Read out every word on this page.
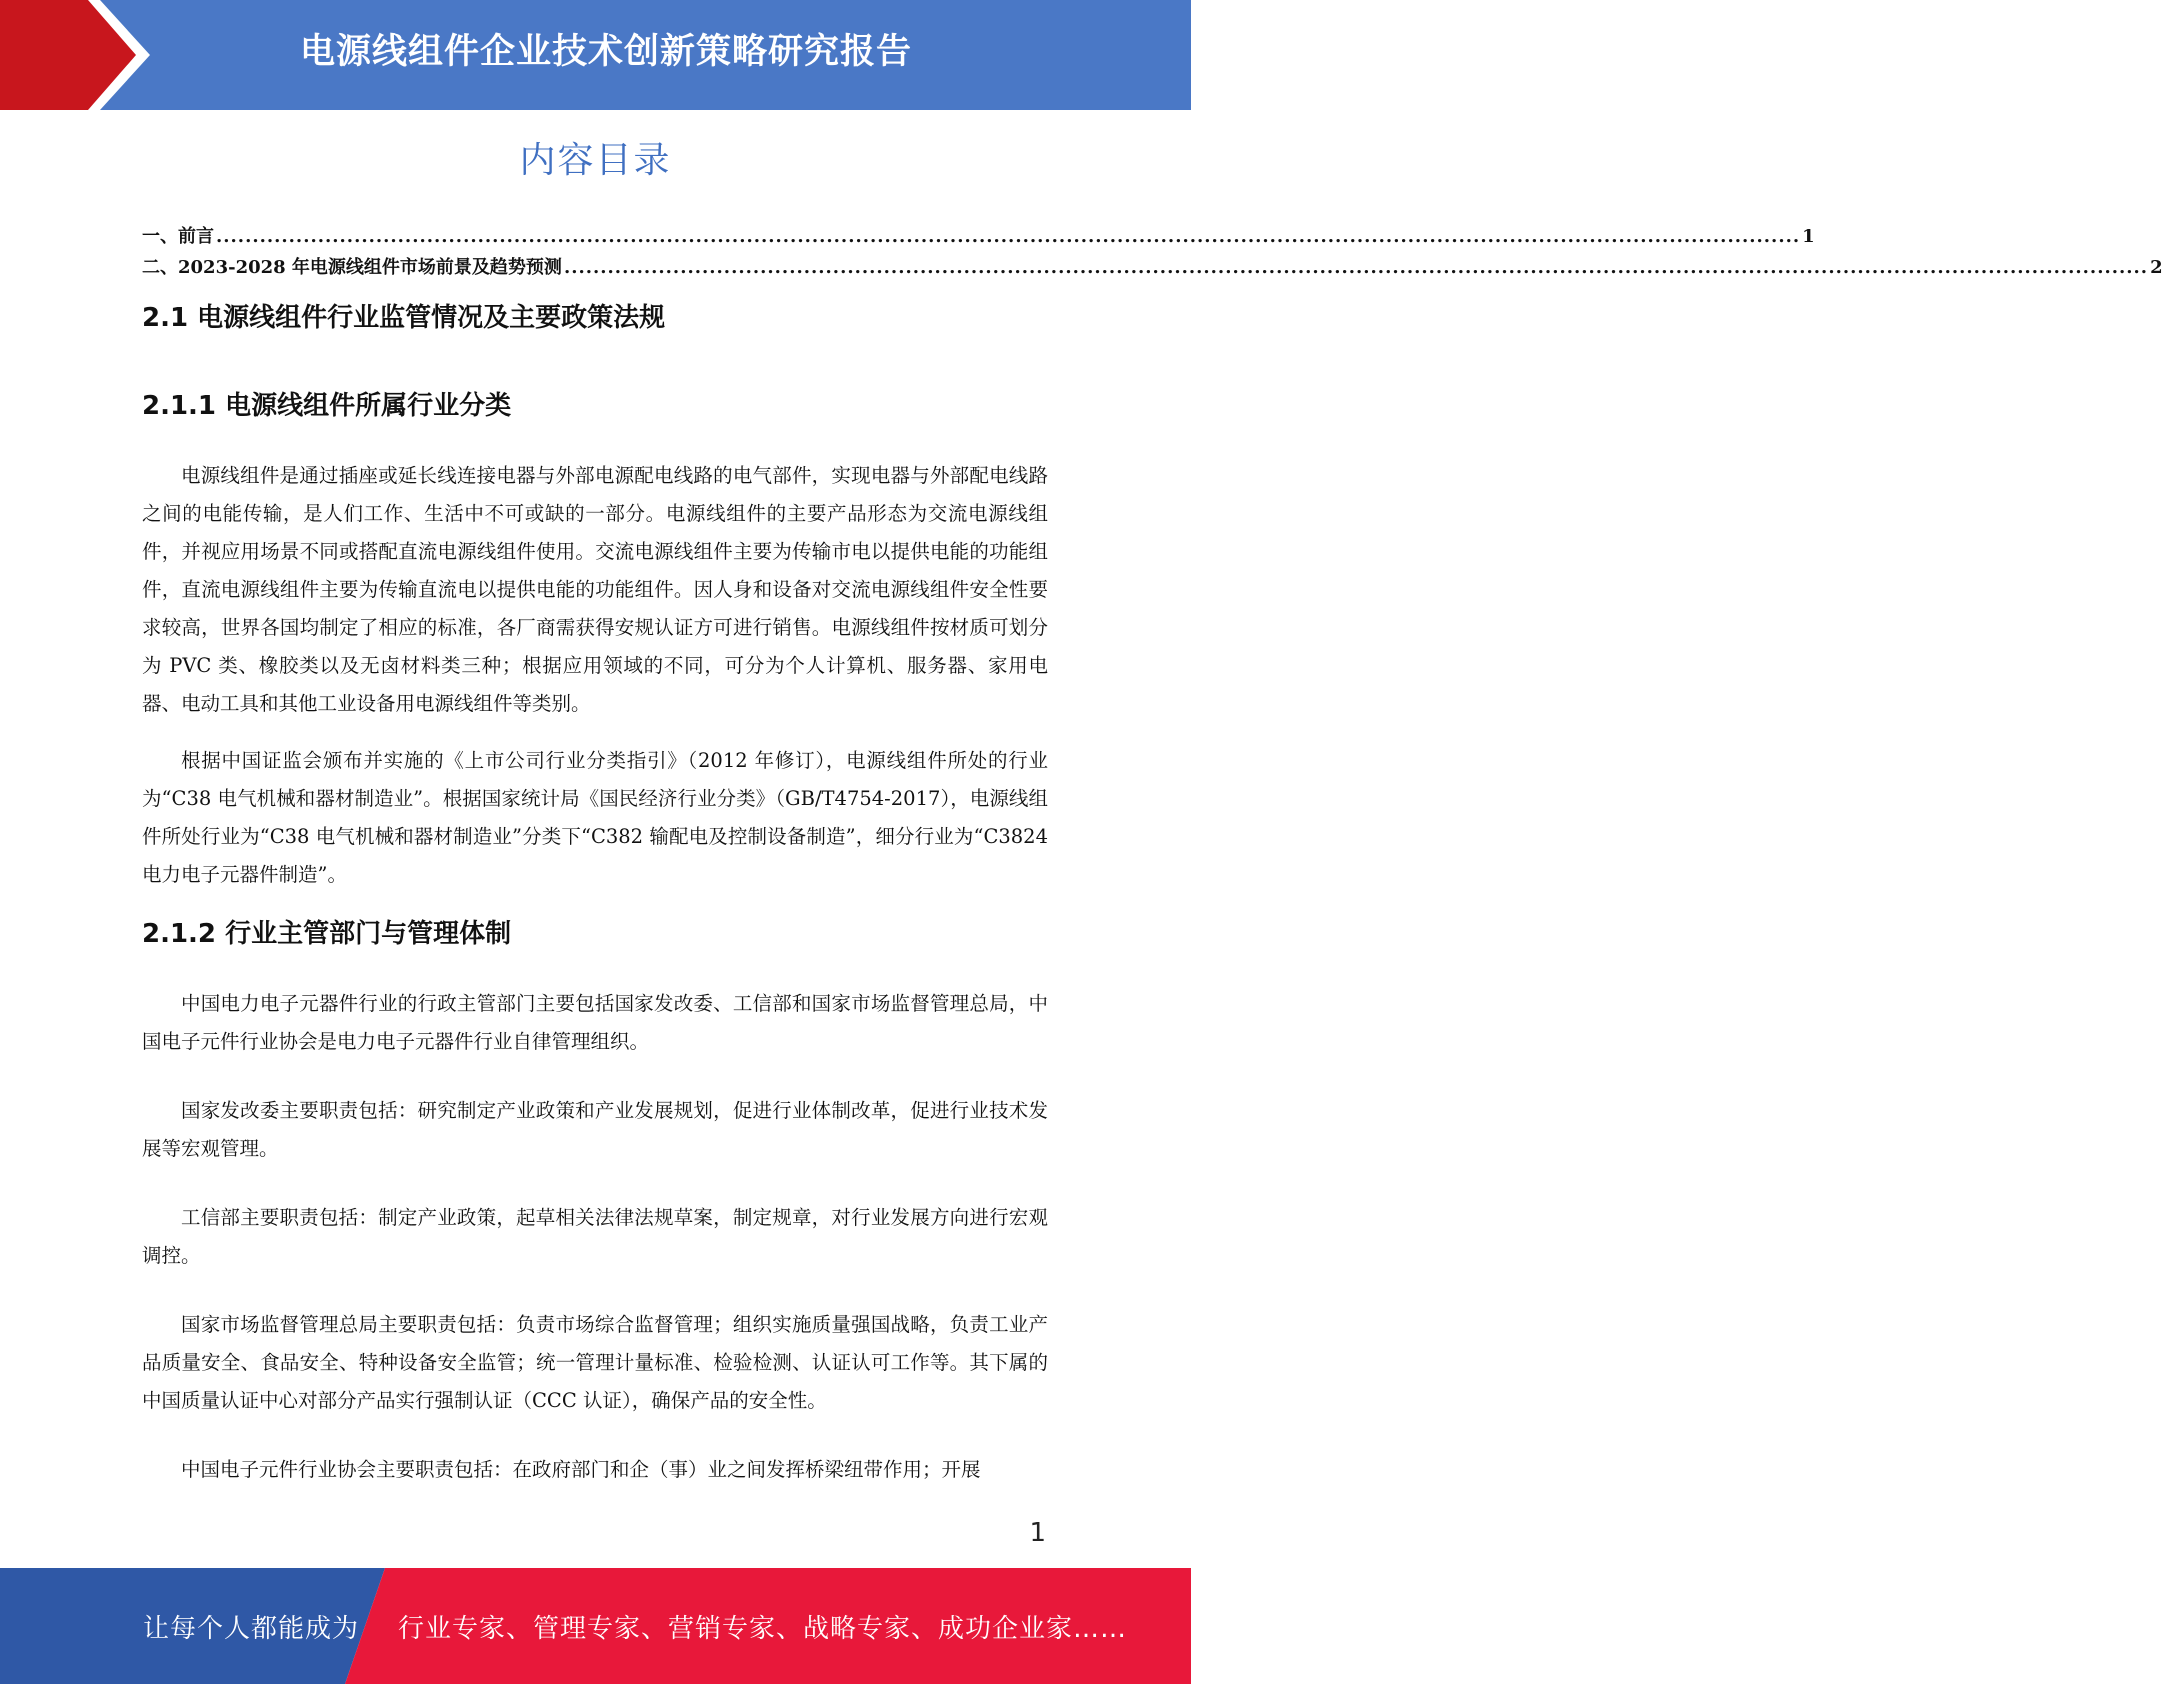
电源线组件企业技术创新策略研究报告
内容目录
一、前言 .......................................................................................................................................................................................................................... 1
二、2023-2028 年电源线组件市场前景及趋势预测 .......................................................................................................................................................................................................................... 2
2.1 电源线组件行业监管情况及主要政策法规
2.1.1 电源线组件所属行业分类

电源线组件是通过插座或延长线连接电器与外部电源配电线路的电气部件，实现电器与外部配电线路之间的电能传输，是人们工作、生活中不可或缺的一部分。电源线组件的主要产品形态为交流电源线组件，并视应用场景不同或搭配直流电源线组件使用。交流电源线组件主要为传输市电以提供电能的功能组件，直流电源线组件主要为传输直流电以提供电能的功能组件。因人身和设备对交流电源线组件安全性要求较高，世界各国均制定了相应的标准，各厂商需获得安规认证方可进行销售。电源线组件按材质可划分为 PVC 类、橡胶类以及无卤材料类三种；根据应用领域的不同，可分为个人计算机、服务器、家用电器、电动工具和其他工业设备用电源线组件等类别。

根据中国证监会颁布并实施的《上市公司行业分类指引》（2012 年修订），电源线组件所处的行业为“C38 电气机械和器材制造业”。根据国家统计局《国民经济行业分类》（GB/T4754-2017），电源线组件所处行业为“C38 电气机械和器材制造业”分类下“C382 输配电及控制设备制造”，细分行业为“C3824 电力电子元器件制造”。

2.1.2 行业主管部门与管理体制

中国电力电子元器件行业的行政主管部门主要包括国家发改委、工信部和国家市场监督管理总局，中国电子元件行业协会是电力电子元器件行业自律管理组织。

国家发改委主要职责包括：研究制定产业政策和产业发展规划，促进行业体制改革，促进行业技术发展等宏观管理。

工信部主要职责包括：制定产业政策，起草相关法律法规草案，制定规章，对行业发展方向进行宏观调控。

国家市场监督管理总局主要职责包括：负责市场综合监督管理；组织实施质量强国战略，负责工业产品质量安全、食品安全、特种设备安全监管；统一管理计量标准、检验检测、认证认可工作等。其下属的中国质量认证中心对部分产品实行强制认证（CCC 认证），确保产品的安全性。

中国电子元件行业协会主要职责包括：在政府部门和企（事）业之间发挥桥梁纽带作用；开展

1
让每个人都能成为 行业专家、管理专家、营销专家、战略专家、成功企业家……
